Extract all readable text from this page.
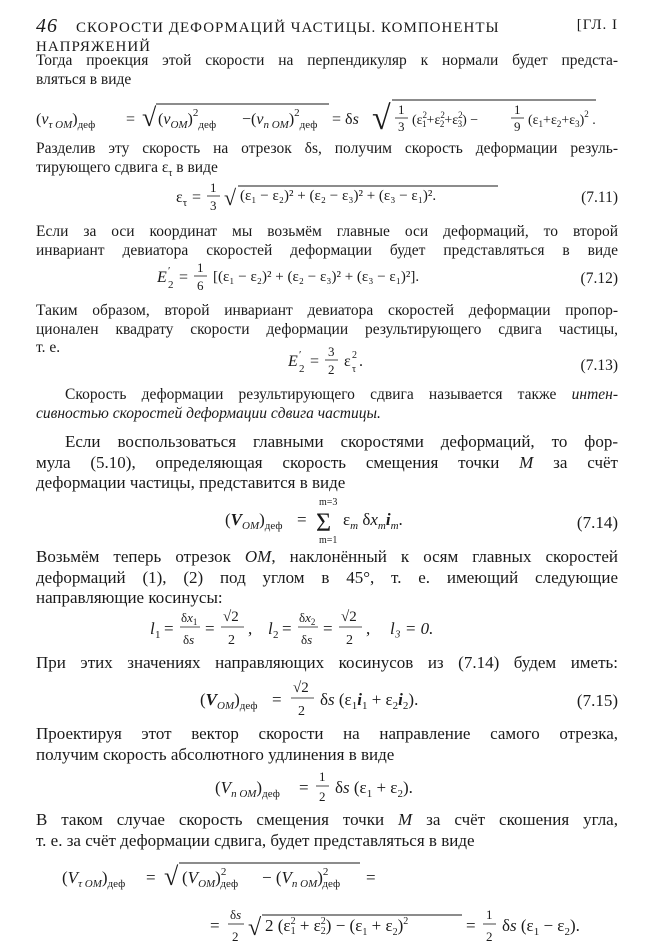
46 СКОРОСТИ ДЕФОРМАЦИЙ ЧАСТИЦЫ. КОМПОНЕНТЫ НАПРЯЖЕНИЙ
[ГЛ. I
Тогда проекция этой скорости на перпендикуляр к нормали будет предста-
вляться в виде
$(v_{\tau OM})_{деф}$ = √ $(v_{OM})^2_{деф} -(v_{n OM})^2_{деф} = \delta s$ √ 1
3 ($\varepsilon^2$ $1+\varepsilon^2$ $2+\varepsilon^2$ 3) −
1
9 $(\varepsilon_1+\varepsilon_2+\varepsilon_3)^2$ .
Разделив эту скорость на отрезок δs, получим скорость деформации резуль-
тирующего сдвига $\varepsilon_\tau$ в виде
$\varepsilon_\tau$ =
1
3 √ (ε₁ − ε₂)² + (ε₂ − ε₃)² + (ε₃ − ε₁)².	(7.11)
Если за оси координат мы возьмём главные оси деформаций, то второй
инвариант девиатора скоростей деформации будет представляться в виде
E ′
2 =
1
6
[(ε₁ − ε₂)² + (ε₂ − ε₃)² + (ε₃ − ε₁)²].	(7.12)
Таким образом, второй инвариант девиатора скоростей деформации пропор-
ционален квадрату скорости деформации результирующего сдвига частицы,
т. е.
E ′
2 =
3
2 ε 2
τ .	(7.13)
Скорость деформации результирующего сдвига называется также интен-
сивностью скоростей деформации сдвига частицы.
Если воспользоваться главными скоростями деформаций, то фор-
мула (5.10), определяющая скорость смещения точки M за счёт
деформации частицы, представится в виде
$(V_{OM})_{деф}$ =
m=3
Σ
m=1
$\varepsilon_m$ $\delta x_mi_m$.	(7.14)
Возьмём теперь отрезок OM, наклонённый к осям главных скоростей
деформаций (1), (2) под углом в 45°, т. е. имеющий следующие
направляющие косинусы:
l 1 =
$\delta x_1$
δs
=
√2
2
, l 2 =
$\delta x_2$
δs
=
√2
2
, l₃ = 0.
При этих значениях направляющих косинусов из (7.14) будем иметь:
$(V_{OM})_{деф}$ =
√2
2
δs $(\varepsilon_1i_1 + \varepsilon_2i_2)$.	(7.15)
Проектируя этот вектор скорости на направление самого отрезка,
получим скорость абсолютного удлинения в виде
$(V_{n OM})_{деф}$ =
1
2 δs $(\varepsilon_1 + \varepsilon_2)$.
В таком случае скорость смещения точки M за счёт скошения угла,
т. е. за счёт деформации сдвига, будет представляться в виде
$(V_{\tau OM})_{деф}$ = √ $(V_{OM})^2$ деф − $(V_{n OM})^2$ деф =
=
δs
2 √ 2 ($\varepsilon^2$ $1 + \varepsilon^2$ $2) - (\varepsilon_1 + \varepsilon_2)^2$	=
1
2
δs $(\varepsilon_1 - \varepsilon_2)$.
